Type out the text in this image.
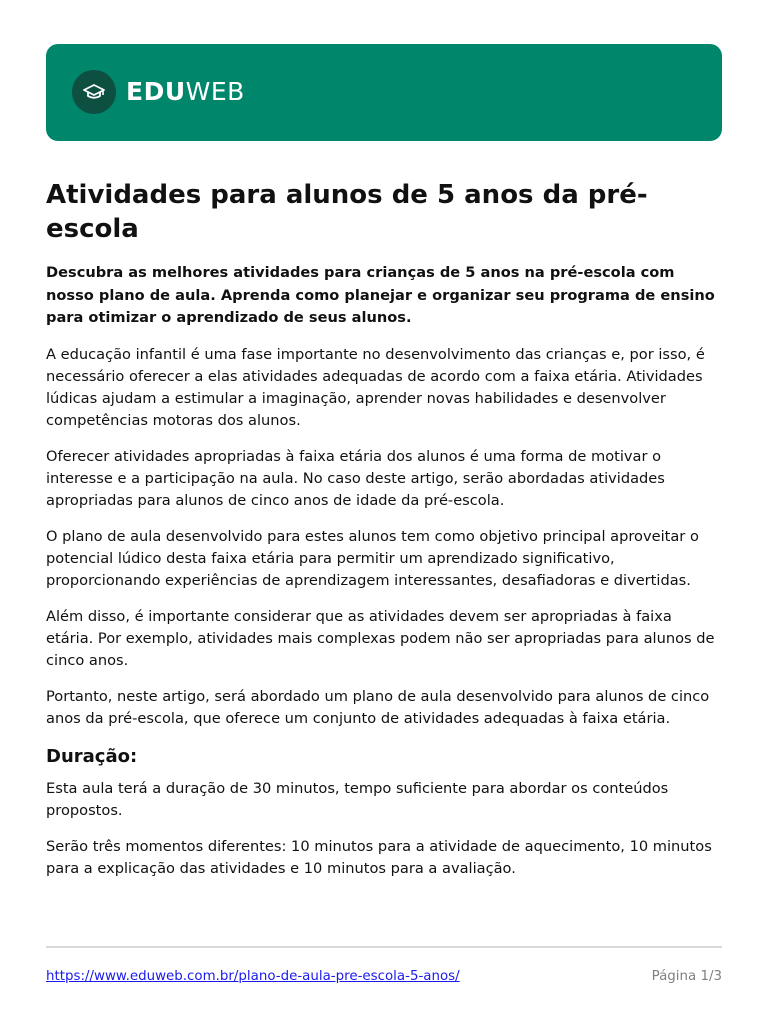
EDUWEB
Atividades para alunos de 5 anos da pré-escola

Descubra as melhores atividades para crianças de 5 anos na pré-escola com nosso plano de aula. Aprenda como planejar e organizar seu programa de ensino para otimizar o aprendizado de seus alunos.

A educação infantil é uma fase importante no desenvolvimento das crianças e, por isso, é necessário oferecer a elas atividades adequadas de acordo com a faixa etária. Atividades lúdicas ajudam a estimular a imaginação, aprender novas habilidades e desenvolver competências motoras dos alunos.

Oferecer atividades apropriadas à faixa etária dos alunos é uma forma de motivar o interesse e a participação na aula. No caso deste artigo, serão abordadas atividades apropriadas para alunos de cinco anos de idade da pré-escola.

O plano de aula desenvolvido para estes alunos tem como objetivo principal aproveitar o potencial lúdico desta faixa etária para permitir um aprendizado significativo, proporcionando experiências de aprendizagem interessantes, desafiadoras e divertidas.

Além disso, é importante considerar que as atividades devem ser apropriadas à faixa etária. Por exemplo, atividades mais complexas podem não ser apropriadas para alunos de cinco anos.

Portanto, neste artigo, será abordado um plano de aula desenvolvido para alunos de cinco anos da pré-escola, que oferece um conjunto de atividades adequadas à faixa etária.

Duração:

Esta aula terá a duração de 30 minutos, tempo suficiente para abordar os conteúdos propostos.

Serão três momentos diferentes: 10 minutos para a atividade de aquecimento, 10 minutos para a explicação das atividades e 10 minutos para a avaliação.

https://www.eduweb.com.br/plano-de-aula-pre-escola-5-anos/	Página 1/3
